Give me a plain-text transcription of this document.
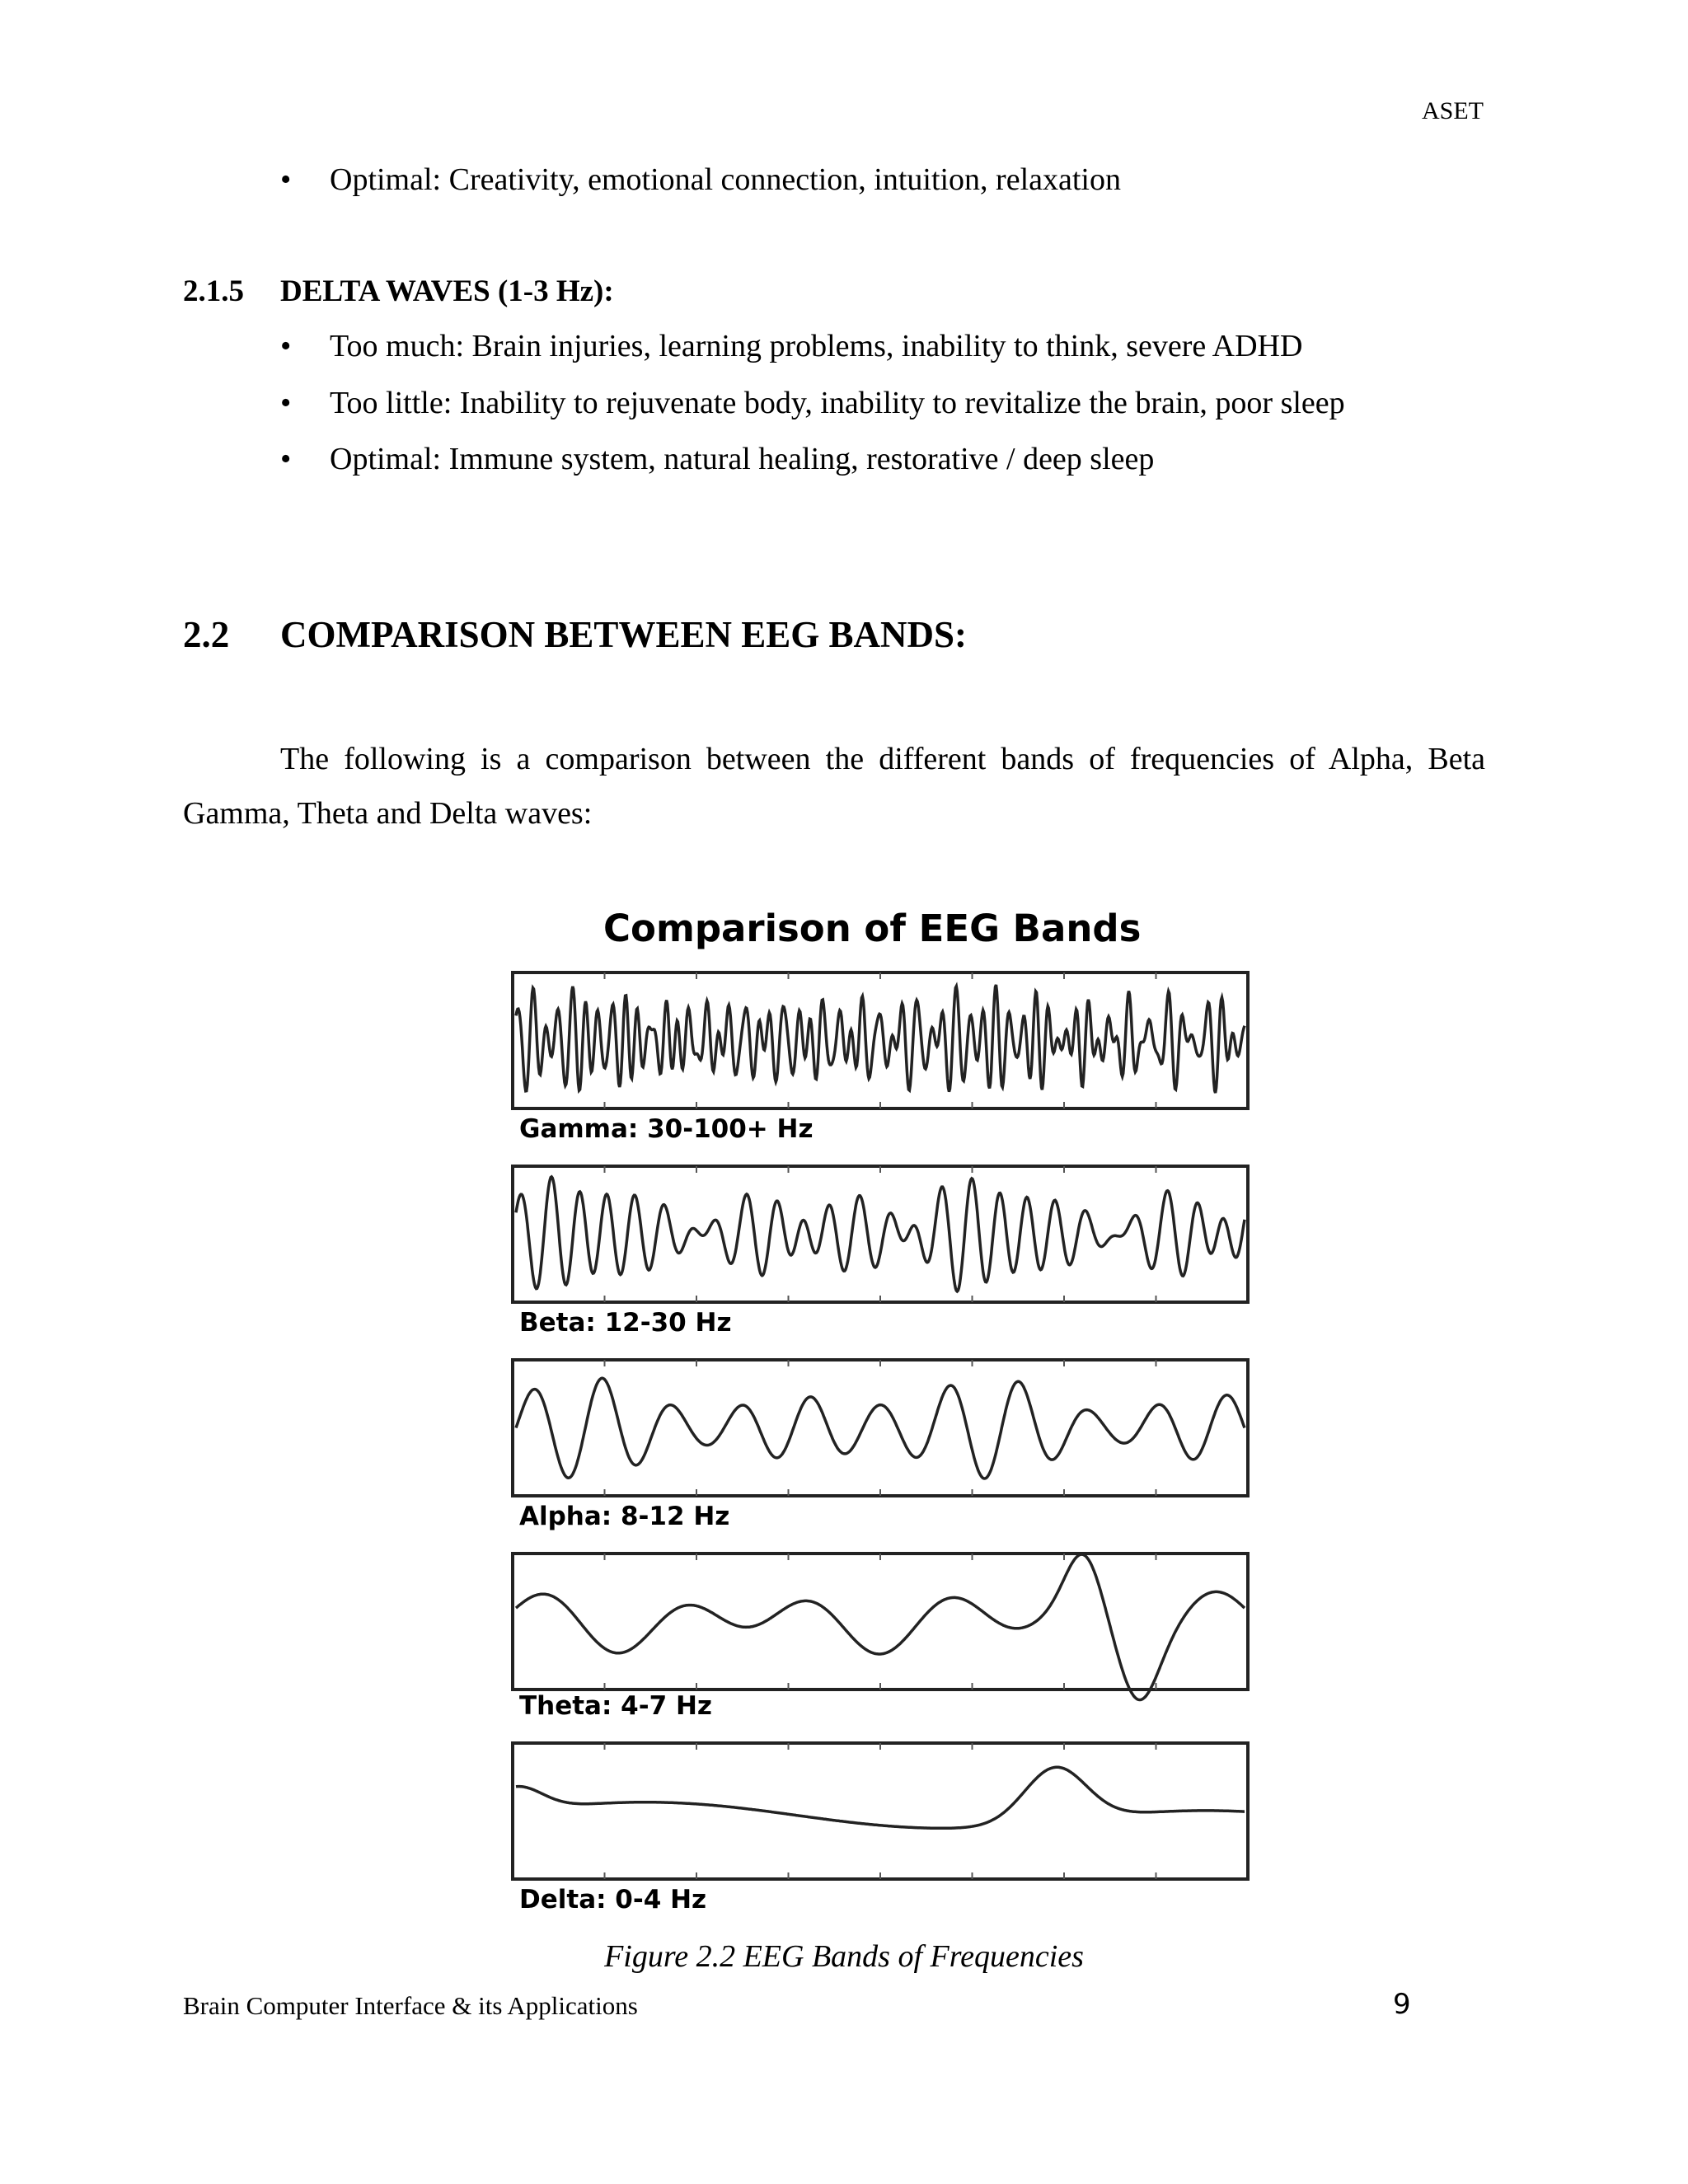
ASET
•	Optimal: Creativity, emotional connection, intuition, relaxation
2.1.5 DELTA WAVES (1-3 Hz):
•	Too much: Brain injuries, learning problems, inability to think, severe ADHD
•	Too little: Inability to rejuvenate body, inability to revitalize the brain, poor sleep
•	Optimal: Immune system, natural healing, restorative / deep sleep
2.2 COMPARISON BETWEEN EEG BANDS:
The following is a comparison between the different bands of frequencies of Alpha, Beta Gamma, Theta and Delta waves:
Comparison of EEG Bands
Gamma: 30-100+ Hz
Beta: 12-30 Hz
Alpha: 8-12 Hz
Theta: 4-7 Hz
Delta: 0-4 Hz
Figure 2.2 EEG Bands of Frequencies
Brain Computer Interface & its Applications	9
